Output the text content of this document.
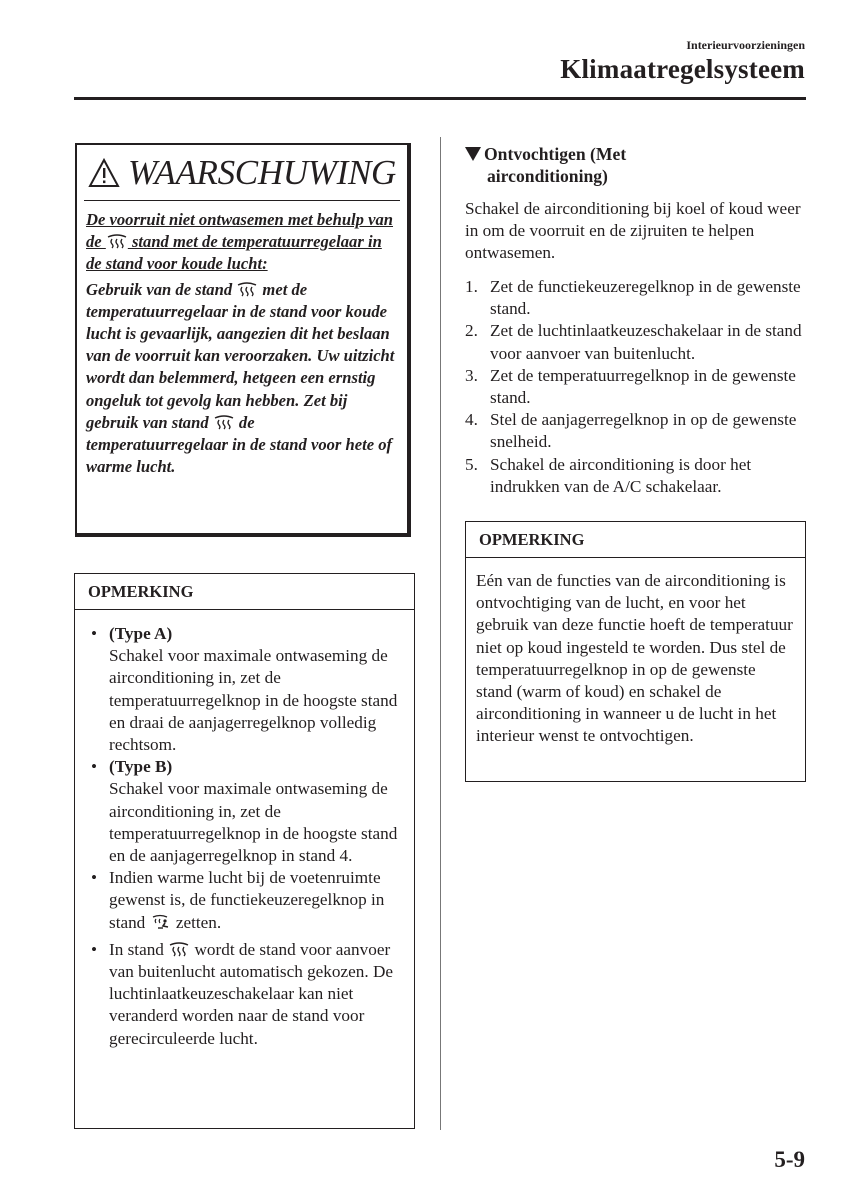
Interieurvoorzieningen
Klimaatregelsysteem
WAARSCHUWING

De voorruit niet ontwasemen met behulp van de  stand met de temperatuurregelaar in de stand voor koude lucht:

Gebruik van de stand  met de temperatuurregelaar in de stand voor koude lucht is gevaarlijk, aangezien dit het beslaan van de voorruit kan veroorzaken. Uw uitzicht wordt dan belemmerd, hetgeen een ernstig ongeluk tot gevolg kan hebben. Zet bij gebruik van stand  de temperatuurregelaar in de stand voor hete of warme lucht.

OPMERKING
• (Type A)
Schakel voor maximale ontwaseming de airconditioning in, zet de temperatuurregelknop in de hoogste stand en draai de aanjagerregelknop volledig rechtsom.
• (Type B)
Schakel voor maximale ontwaseming de airconditioning in, zet de temperatuurregelknop in de hoogste stand en de aanjagerregelknop in stand 4.
• Indien warme lucht bij de voetenruimte gewenst is, de functiekeuzeregelknop in stand  zetten.
• In stand  wordt de stand voor aanvoer van buitenlucht automatisch gekozen. De luchtinlaatkeuzeschakelaar kan niet veranderd worden naar de stand voor gerecirculeerde lucht.
Ontvochtigen (Met
airconditioning)
Schakel de airconditioning bij koel of koud weer in om de voorruit en de zijruiten te helpen ontwasemen.
1. Zet de functiekeuzeregelknop in de gewenste stand.
2. Zet de luchtinlaatkeuzeschakelaar in de stand voor aanvoer van buitenlucht.
3. Zet de temperatuurregelknop in de gewenste stand.
4. Stel de aanjagerregelknop in op de gewenste snelheid.
5. Schakel de airconditioning is door het indrukken van de A/C schakelaar.
OPMERKING
Eén van de functies van de airconditioning is ontvochtiging van de lucht, en voor het gebruik van deze functie hoeft de temperatuur niet op koud ingesteld te worden. Dus stel de temperatuurregelknop in op de gewenste stand (warm of koud) en schakel de airconditioning in wanneer u de lucht in het interieur wenst te ontvochtigen.
5-9
